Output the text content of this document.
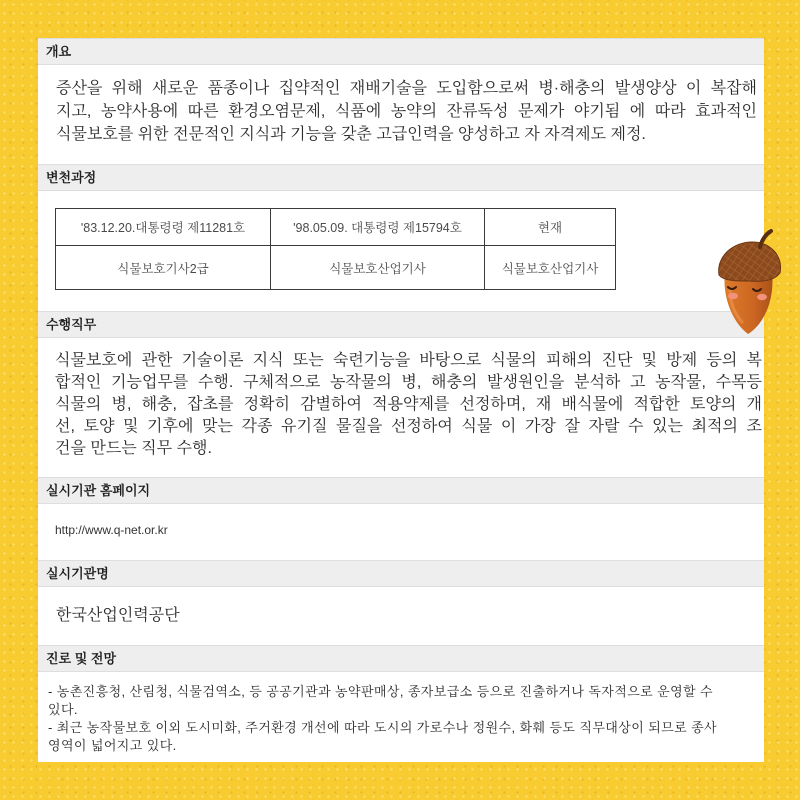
개요
증산을 위해 새로운 품종이나 집약적인 재배기술을 도입함으로써 병·해충의 발생양상 이 복잡해
지고, 농약사용에 따른 환경오염문제, 식품에 농약의 잔류독성 문제가 야기됨 에 따라 효과적인
식물보호를 위한 전문적인 지식과 기능을 갖춘 고급인력을 양성하고 자 자격제도 제정.
변천과정
'83.12.20.대통령령 제11281호	'98.05.09. 대통령령 제15794호	현재
식물보호기사2급	식물보호산업기사	식물보호산업기사
수행직무
식물보호에 관한 기술이론 지식 또는 숙련기능을 바탕으로 식물의 피해의 진단 및 방제 등의 복
합적인 기능업무를 수행. 구체적으로 농작물의 병, 해충의 발생원인을 분석하 고 농작물, 수목등
식물의 병, 해충, 잡초를 정확히 감별하여 적용약제를 선정하며, 재 배식물에 적합한 토양의 개
선, 토양 및 기후에 맞는 각종 유기질 물질을 선정하여 식물 이 가장 잘 자랄 수 있는 최적의 조
건을 만드는 직무 수행.
실시기관 홈페이지
http://www.q-net.or.kr
실시기관명
한국산업인력공단
진로 및 전망
- 농촌진흥청, 산림청, 식물검역소, 등 공공기관과 농약판매상, 종자보급소 등으로 진출하거나 독자적으로 운영할 수
있다.
- 최근 농작물보호 이외 도시미화, 주거환경 개선에 따라 도시의 가로수나 정원수, 화훼 등도 직무대상이 되므로 종사
영역이 넓어지고 있다.
